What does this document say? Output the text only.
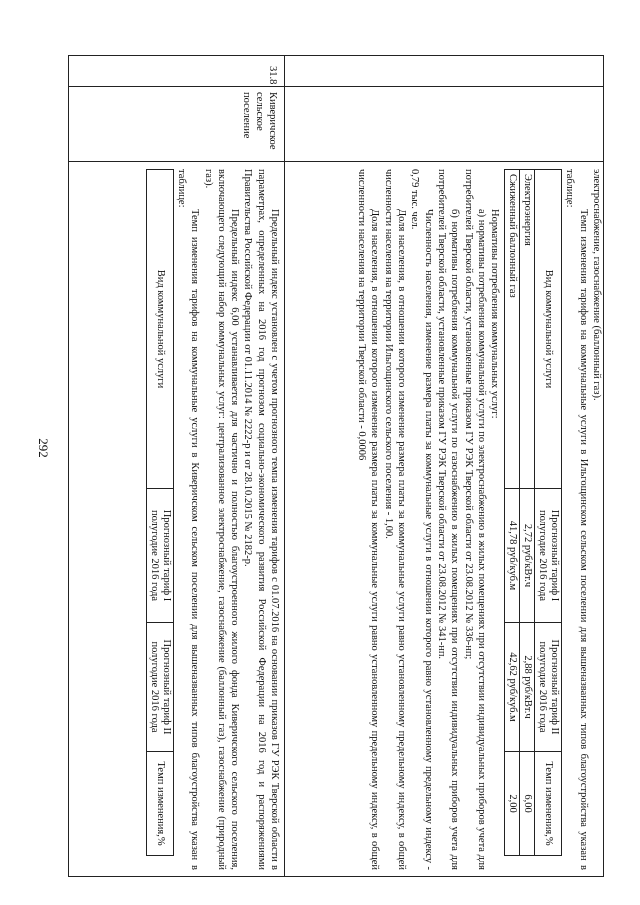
292

электроснабжение, газоснабжение (баллонный газ).

Темп изменения тарифов на коммунальные услуги в Ильгощинском сельском поселении для вышеназванных типов благоустройства указан в таблице:

Вид коммунальной услуги	Прогнозный тариф I полугодие 2016 года	Прогнозный тариф II полугодие 2016 года	Темп изменения,%
Электроэнергия	2,72 руб/кВт.ч	2,88 руб/кВт.ч	6,00
Сжиженный баллонный газ	41,78 руб/куб.м	42,62 руб/куб.м	2,00

Нормативы потребления коммунальных услуг:

а) нормативы потребления коммунальной услуги по электроснабжению в жилых помещениях при отсутствии индивидуальных приборов учета для потребителей Тверской области, установленные приказом ГУ РЭК Тверской области от 23.08.2012 № 336-нп;

б) нормативы потребления коммунальной услуги по газоснабжению в жилых помещениях при отсутствии индивидуальных приборов учета для потребителей Тверской области, установленные приказом ГУ РЭК Тверской области от 23.08.2012 № 341-нп.

Численность населения, изменение размера платы за коммунальные услуги в отношении которого равно установленному предельному индексу - 0,79 тыс. чел.

Доля населения, в отношении которого изменение размера платы за коммунальные услуги равно установленному предельному индексу, в общей численности населения на территории Ильгощинского сельского поселения - 1,00.

Доля населения, в отношении которого изменение размера платы за коммунальные услуги равно установленному предельному индексу, в общей численности населения на территории Тверской области - 0,0006

31.8
Киверичское сельское поселение

Предельный индекс установлен с учетом прогнозного темпа изменения тарифов с 01.07.2016 на основании приказов ГУ РЭК Тверской области в параметрах, определенных на 2016 год прогнозом социально-экономического развития Российской Федерации на 2016 год и распоряжениями Правительства Российской Федерации от 01.11.2014 № 2222-р и от 28.10.2015 № 2182-р.

Предельный индекс 6,00 устанавливается для частично и полностью благоустроенного жилого фонда Киверичского сельского поселения, включающего следующий набор коммунальных услуг: централизованное электроснабжение, газоснабжение (баллонный газ), газоснабжение (природный газ).

Темп изменения тарифов на коммунальные услуги в Киверичском сельском поселении для вышеназванных типов благоустройства указан в таблице:

Вид коммунальной услуги	Прогнозный тариф I полугодие 2016 года	Прогнозный тариф II полугодие 2016 года	Темп изменения,%
